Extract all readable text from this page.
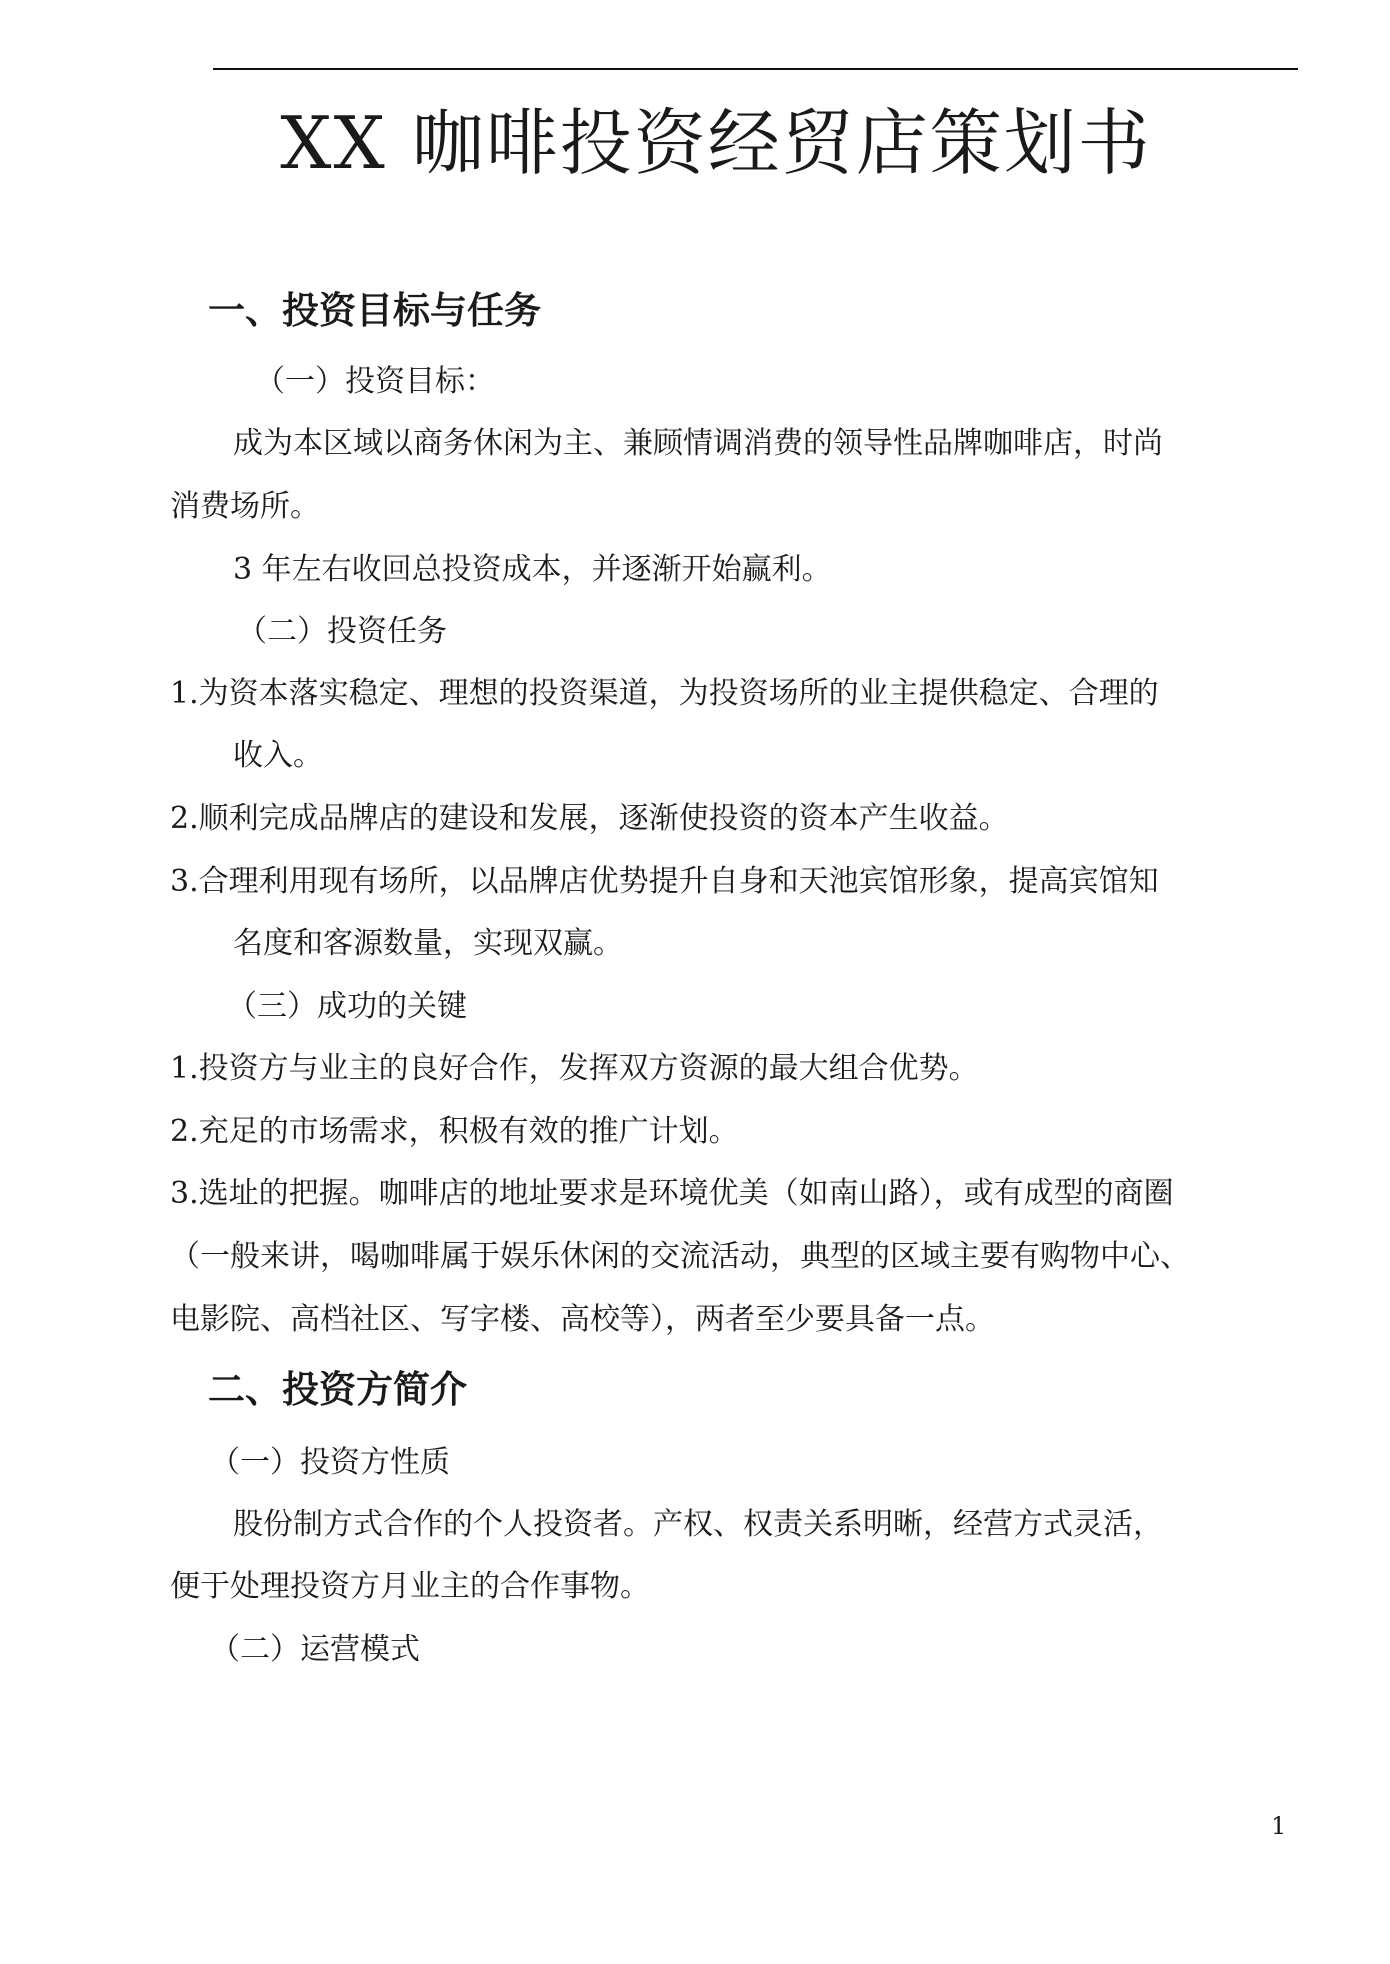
XX 咖啡投资经贸店策划书

一、投资目标与任务

（一）投资目标：

成为本区域以商务休闲为主、兼顾情调消费的领导性品牌咖啡店，时尚

消费场所。

3 年左右收回总投资成本，并逐渐开始赢利。

（二）投资任务

1.为资本落实稳定、理想的投资渠道，为投资场所的业主提供稳定、合理的

收入。

2.顺利完成品牌店的建设和发展，逐渐使投资的资本产生收益。

3.合理利用现有场所，以品牌店优势提升自身和天池宾馆形象，提高宾馆知

名度和客源数量，实现双赢。

（三）成功的关键

1.投资方与业主的良好合作，发挥双方资源的最大组合优势。

2.充足的市场需求，积极有效的推广计划。

3.选址的把握。咖啡店的地址要求是环境优美（如南山路），或有成型的商圈

（一般来讲，喝咖啡属于娱乐休闲的交流活动，典型的区域主要有购物中心、

电影院、高档社区、写字楼、高校等），两者至少要具备一点。

二、投资方简介

（一）投资方性质

股份制方式合作的个人投资者。产权、权责关系明晰，经营方式灵活，

便于处理投资方月业主的合作事物。

（二）运营模式

1
